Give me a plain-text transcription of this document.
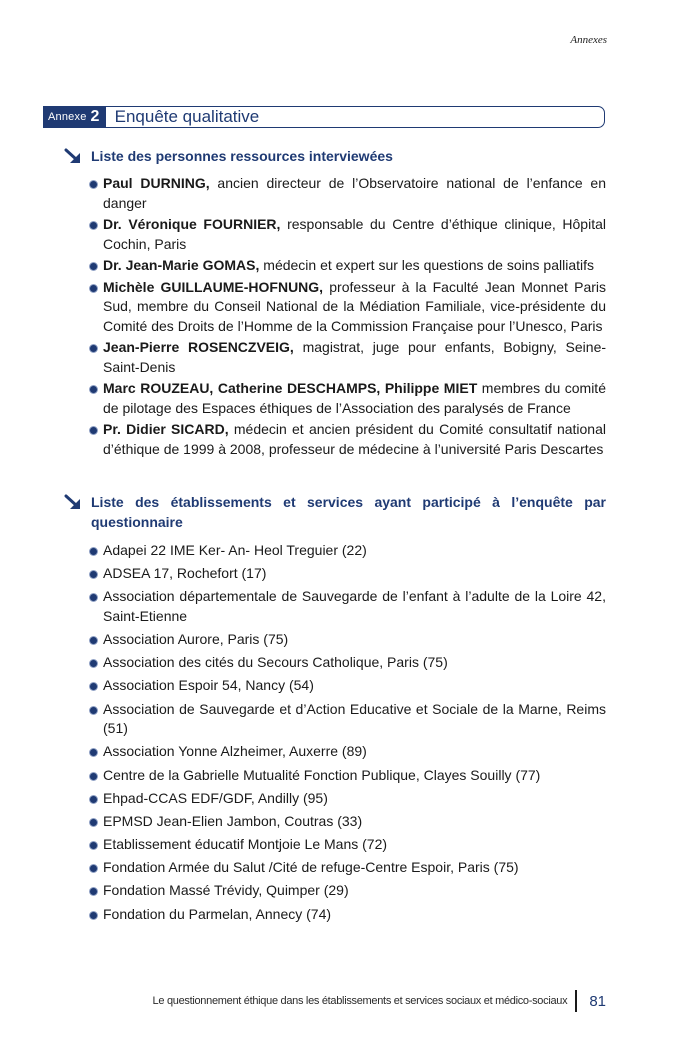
Annexes
Annexe 2 Enquête qualitative
Liste des personnes ressources interviewées
Paul DURNING, ancien directeur de l’Observatoire national de l’enfance en danger
Dr. Véronique FOURNIER, responsable du Centre d’éthique clinique, Hôpital Cochin, Paris
Dr. Jean-Marie GOMAS, médecin et expert sur les questions de soins palliatifs
Michèle GUILLAUME-HOFNUNG, professeur à la Faculté Jean Monnet Paris Sud, membre du Conseil National de la Médiation Familiale, vice-présidente du Comité des Droits de l’Homme de la Commission Française pour l’Unesco, Paris
Jean-Pierre ROSENCZVEIG, magistrat, juge pour enfants, Bobigny, Seine-Saint-Denis
Marc ROUZEAU, Catherine DESCHAMPS, Philippe MIET membres du comité de pilotage des Espaces éthiques de l’Association des paralysés de France
Pr. Didier SICARD, médecin et ancien président du Comité consultatif national d’éthique de 1999 à 2008, professeur de médecine à l’université Paris Descartes
Liste des établissements et services ayant participé à l’enquête par questionnaire
Adapei 22 IME Ker- An- Heol Treguier (22)
ADSEA 17, Rochefort (17)
Association départementale de Sauvegarde de l’enfant à l’adulte de la Loire 42, Saint-Etienne
Association Aurore, Paris (75)
Association des cités du Secours Catholique, Paris (75)
Association Espoir 54, Nancy (54)
Association de Sauvegarde et d’Action Educative et Sociale de la Marne, Reims (51)
Association Yonne Alzheimer, Auxerre (89)
Centre de la Gabrielle Mutualité Fonction Publique, Clayes Souilly (77)
Ehpad-CCAS EDF/GDF, Andilly (95)
EPMSD Jean-Elien Jambon, Coutras (33)
Etablissement éducatif Montjoie Le Mans (72)
Fondation Armée du Salut /Cité de refuge-Centre Espoir, Paris (75)
Fondation Massé Trévidy, Quimper (29)
Fondation du Parmelan, Annecy (74)
Le questionnement éthique dans les établissements et services sociaux et médico-sociaux 81
